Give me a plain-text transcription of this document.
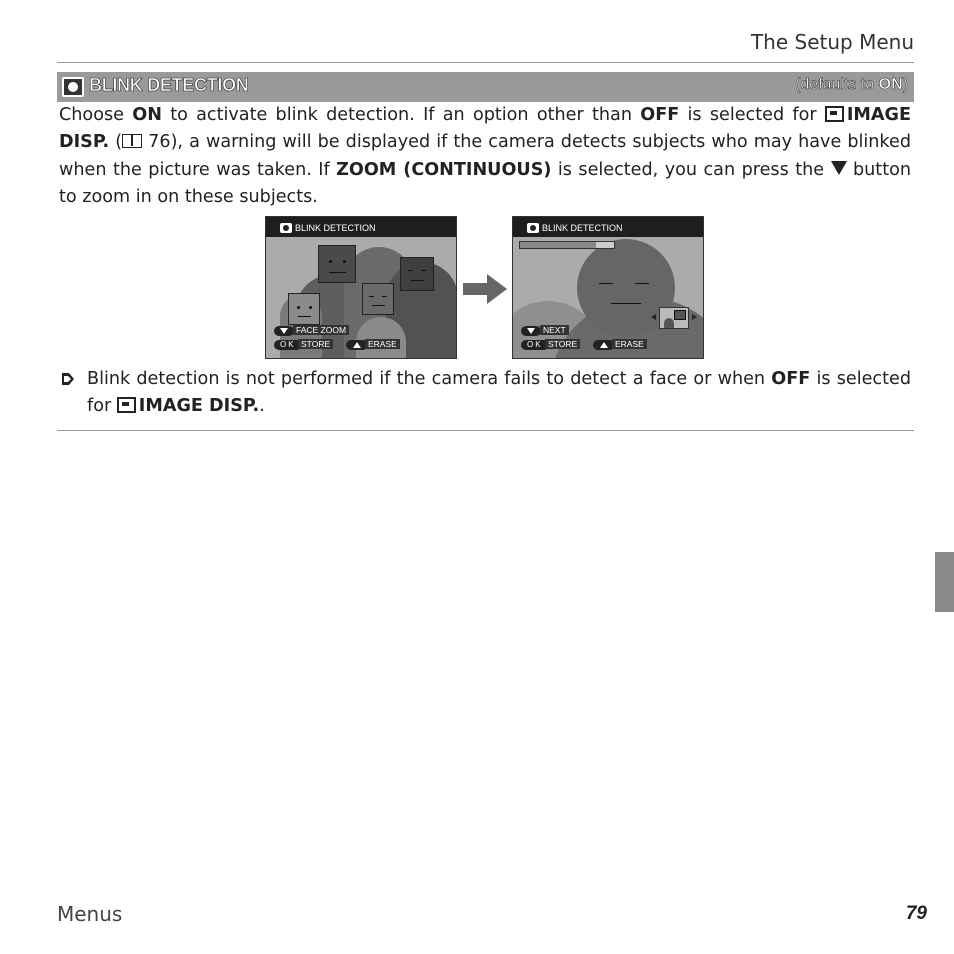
The Setup Menu
BLINK DETECTION	(defaults to ON)
Choose ON to activate blink detection. If an option other than OFF is selected for IMAGE DISP. ( 76), a warning will be displayed if the camera detects subjects who may have blinked when the picture was taken. If ZOOM (CONTINUOUS) is selected, you can press the  button to zoom in on these subjects.
BLINK DETECTION
FACE ZOOM
OK STORE	ERASE
BLINK DETECTION
NEXT
OK STORE	ERASE
Blink detection is not performed if the camera fails to detect a face or when OFF is selected for IMAGE DISP..
Menus	79
